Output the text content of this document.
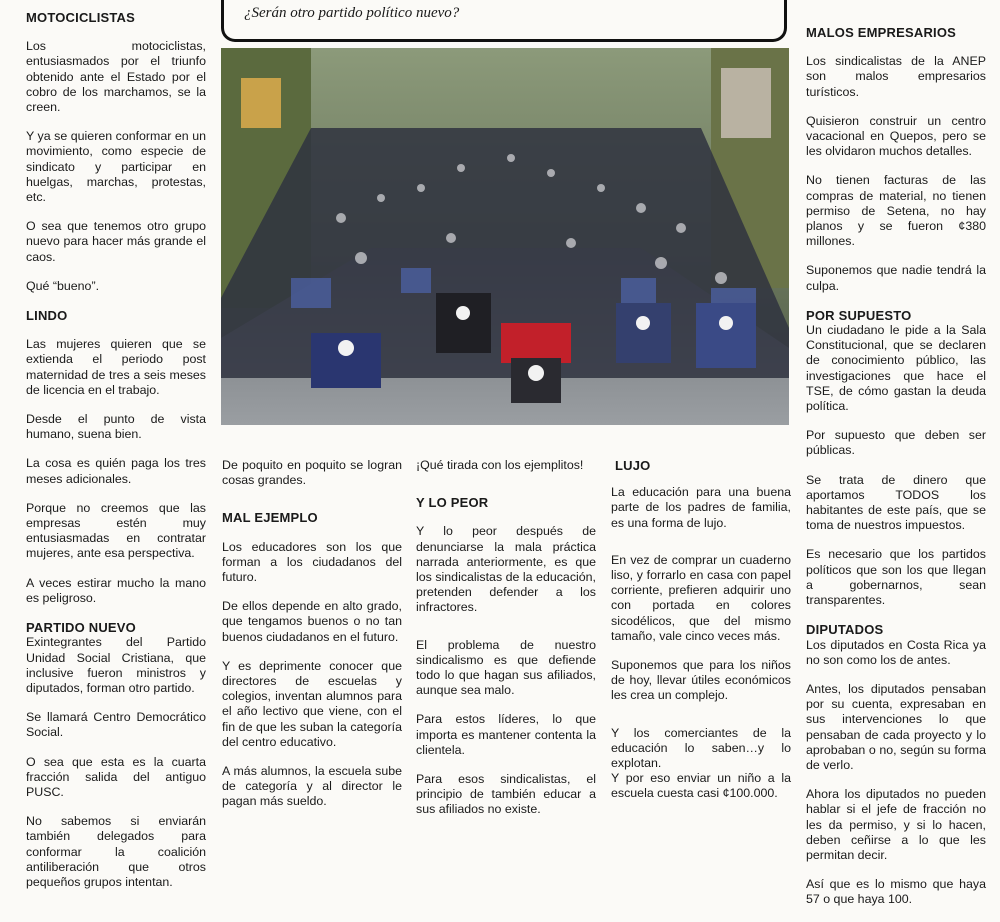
MOTOCICLISTAS

Los motociclistas, entusiasmados por el triunfo obtenido ante el Estado por el cobro de los marchamos, se la creen.

Y ya se quieren conformar en un movimiento, como especie de sindicato y participar en huelgas, marchas, protestas, etc.

O sea que tenemos otro grupo nuevo para hacer más grande el caos.

Qué “bueno”.

LINDO

Las mujeres quieren que se extienda el periodo post maternidad de tres a seis meses de licencia en el trabajo.

Desde el punto de vista humano, suena bien.

La cosa es quién paga los tres meses adicionales.

Porque no creemos que las empresas estén muy entusiasmadas en contratar mujeres, ante esa perspectiva.

A veces estirar mucho la mano es peligroso.

PARTIDO NUEVO

Exintegrantes del Partido Unidad Social Cristiana, que inclusive fueron ministros y diputados, forman otro partido.

Se llamará Centro Democrático Social.

O sea que esta es la cuarta fracción salida del antiguo PUSC.

No sabemos si enviarán también delegados para conformar la coalición antiliberación que otros pequeños grupos intentan.

¿Serán otro partido político nuevo?

De poquito en poquito se logran cosas grandes.

MAL EJEMPLO

Los educadores son los que forman a los ciudadanos del futuro.

De ellos depende en alto grado, que tengamos buenos o no tan buenos ciudadanos en el futuro.

Y es deprimente conocer que directores de escuelas y colegios, inventan alumnos para el año lectivo que viene, con el fin de que les suban la categoría del centro educativo.

A más alumnos, la escuela sube de categoría y al director le pagan más sueldo.

¡Qué tirada con los ejemplitos!

Y LO PEOR

Y lo peor después de denunciarse la mala práctica narrada anteriormente, es que los sindicalistas de la educación, pretenden defender a los infractores.

El problema de nuestro sindicalismo es que defiende todo lo que hagan sus afiliados, aunque sea malo.

Para estos líderes, lo que importa es mantener contenta la clientela.

Para esos sindicalistas, el principio de también educar a sus afiliados no existe.

LUJO

La educación para una buena parte de los padres de familia, es una forma de lujo.

En vez de comprar un cuaderno liso, y forrarlo en casa con papel corriente, prefieren adquirir uno con portada en colores sicodélicos, que del mismo tamaño, vale cinco veces más.

Suponemos que para los niños de hoy, llevar útiles económicos les crea un complejo.

Y los comerciantes de la educación lo saben…y lo explotan.

Y por eso enviar un niño a la escuela cuesta casi ¢100.000.

MALOS EMPRESARIOS

Los sindicalistas de la ANEP son malos empresarios turísticos.

Quisieron construir un centro vacacional en Quepos, pero se les olvidaron muchos detalles.

No tienen facturas de las compras de material, no tienen permiso de Setena, no hay planos y se fueron ¢380 millones.

Suponemos que nadie tendrá la culpa.

POR SUPUESTO

Un ciudadano le pide a la Sala Constitucional, que se declaren de conocimiento público, las investigaciones que hace el TSE, de cómo gastan la deuda política.

Por supuesto que deben ser públicas.

Se trata de dinero que aportamos TODOS los habitantes de este país, que se toma de nuestros impuestos.

Es necesario que los partidos políticos que son los que llegan a gobernarnos, sean transparentes.

DIPUTADOS

Los diputados en Costa Rica ya no son como los de antes.

Antes, los diputados pensaban por su cuenta, expresaban en sus intervenciones lo que pensaban de cada proyecto y lo aprobaban o no, según su forma de verlo.

Ahora los diputados no pueden hablar si el jefe de fracción no les da permiso, y si lo hacen, deben ceñirse a lo que les permitan decir.

Así que es lo mismo que haya 57 o que haya 100.
